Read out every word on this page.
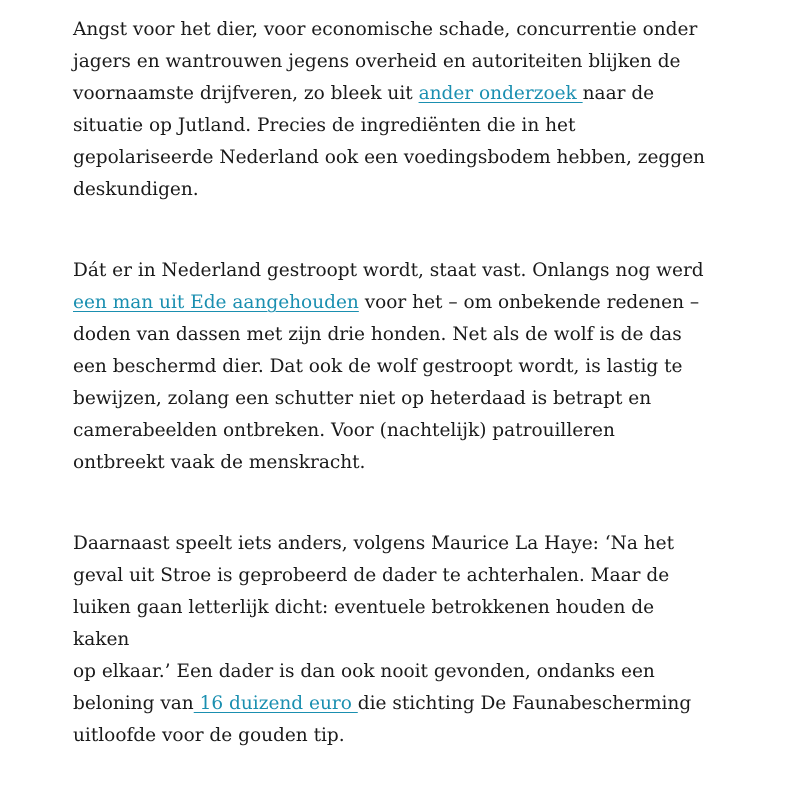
Angst voor het dier, voor economische schade, concurrentie onder
jagers en wantrouwen jegens overheid en autoriteiten blijken de
voornaamste drijfveren, zo bleek uit ander onderzoek naar de
situatie op Jutland. Precies de ingrediënten die in het
gepolariseerde Nederland ook een voedingsbodem hebben, zeggen
deskundigen.

Dát er in Nederland gestroopt wordt, staat vast. Onlangs nog werd
een man uit Ede aangehouden voor het – om onbekende redenen –
doden van dassen met zijn drie honden. Net als de wolf is de das
een beschermd dier. Dat ook de wolf gestroopt wordt, is lastig te
bewijzen, zolang een schutter niet op heterdaad is betrapt en
camerabeelden ontbreken. Voor (nachtelijk) patrouilleren
ontbreekt vaak de menskracht.

Daarnaast speelt iets anders, volgens Maurice La Haye: ‘Na het
geval uit Stroe is geprobeerd de dader te achterhalen. Maar de
luiken gaan letterlijk dicht: eventuele betrokkenen houden de kaken
op elkaar.’ Een dader is dan ook nooit gevonden, ondanks een
beloning van 16 duizend euro die stichting De Faunabescherming
uitloofde voor de gouden tip.
